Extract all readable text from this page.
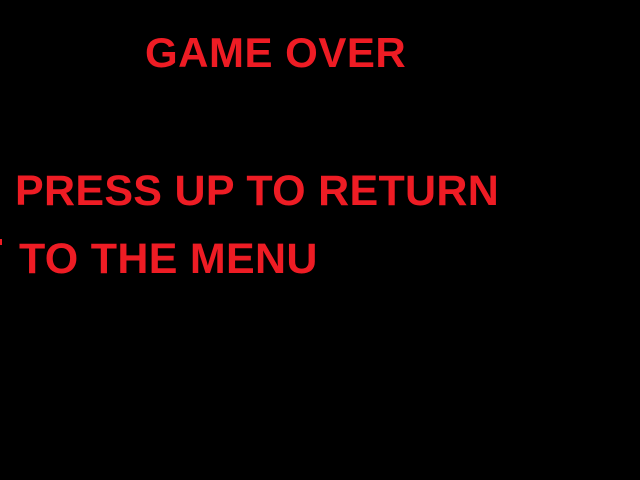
GAME OVER
PRESS UP TO RETURN
TO THE MENU
